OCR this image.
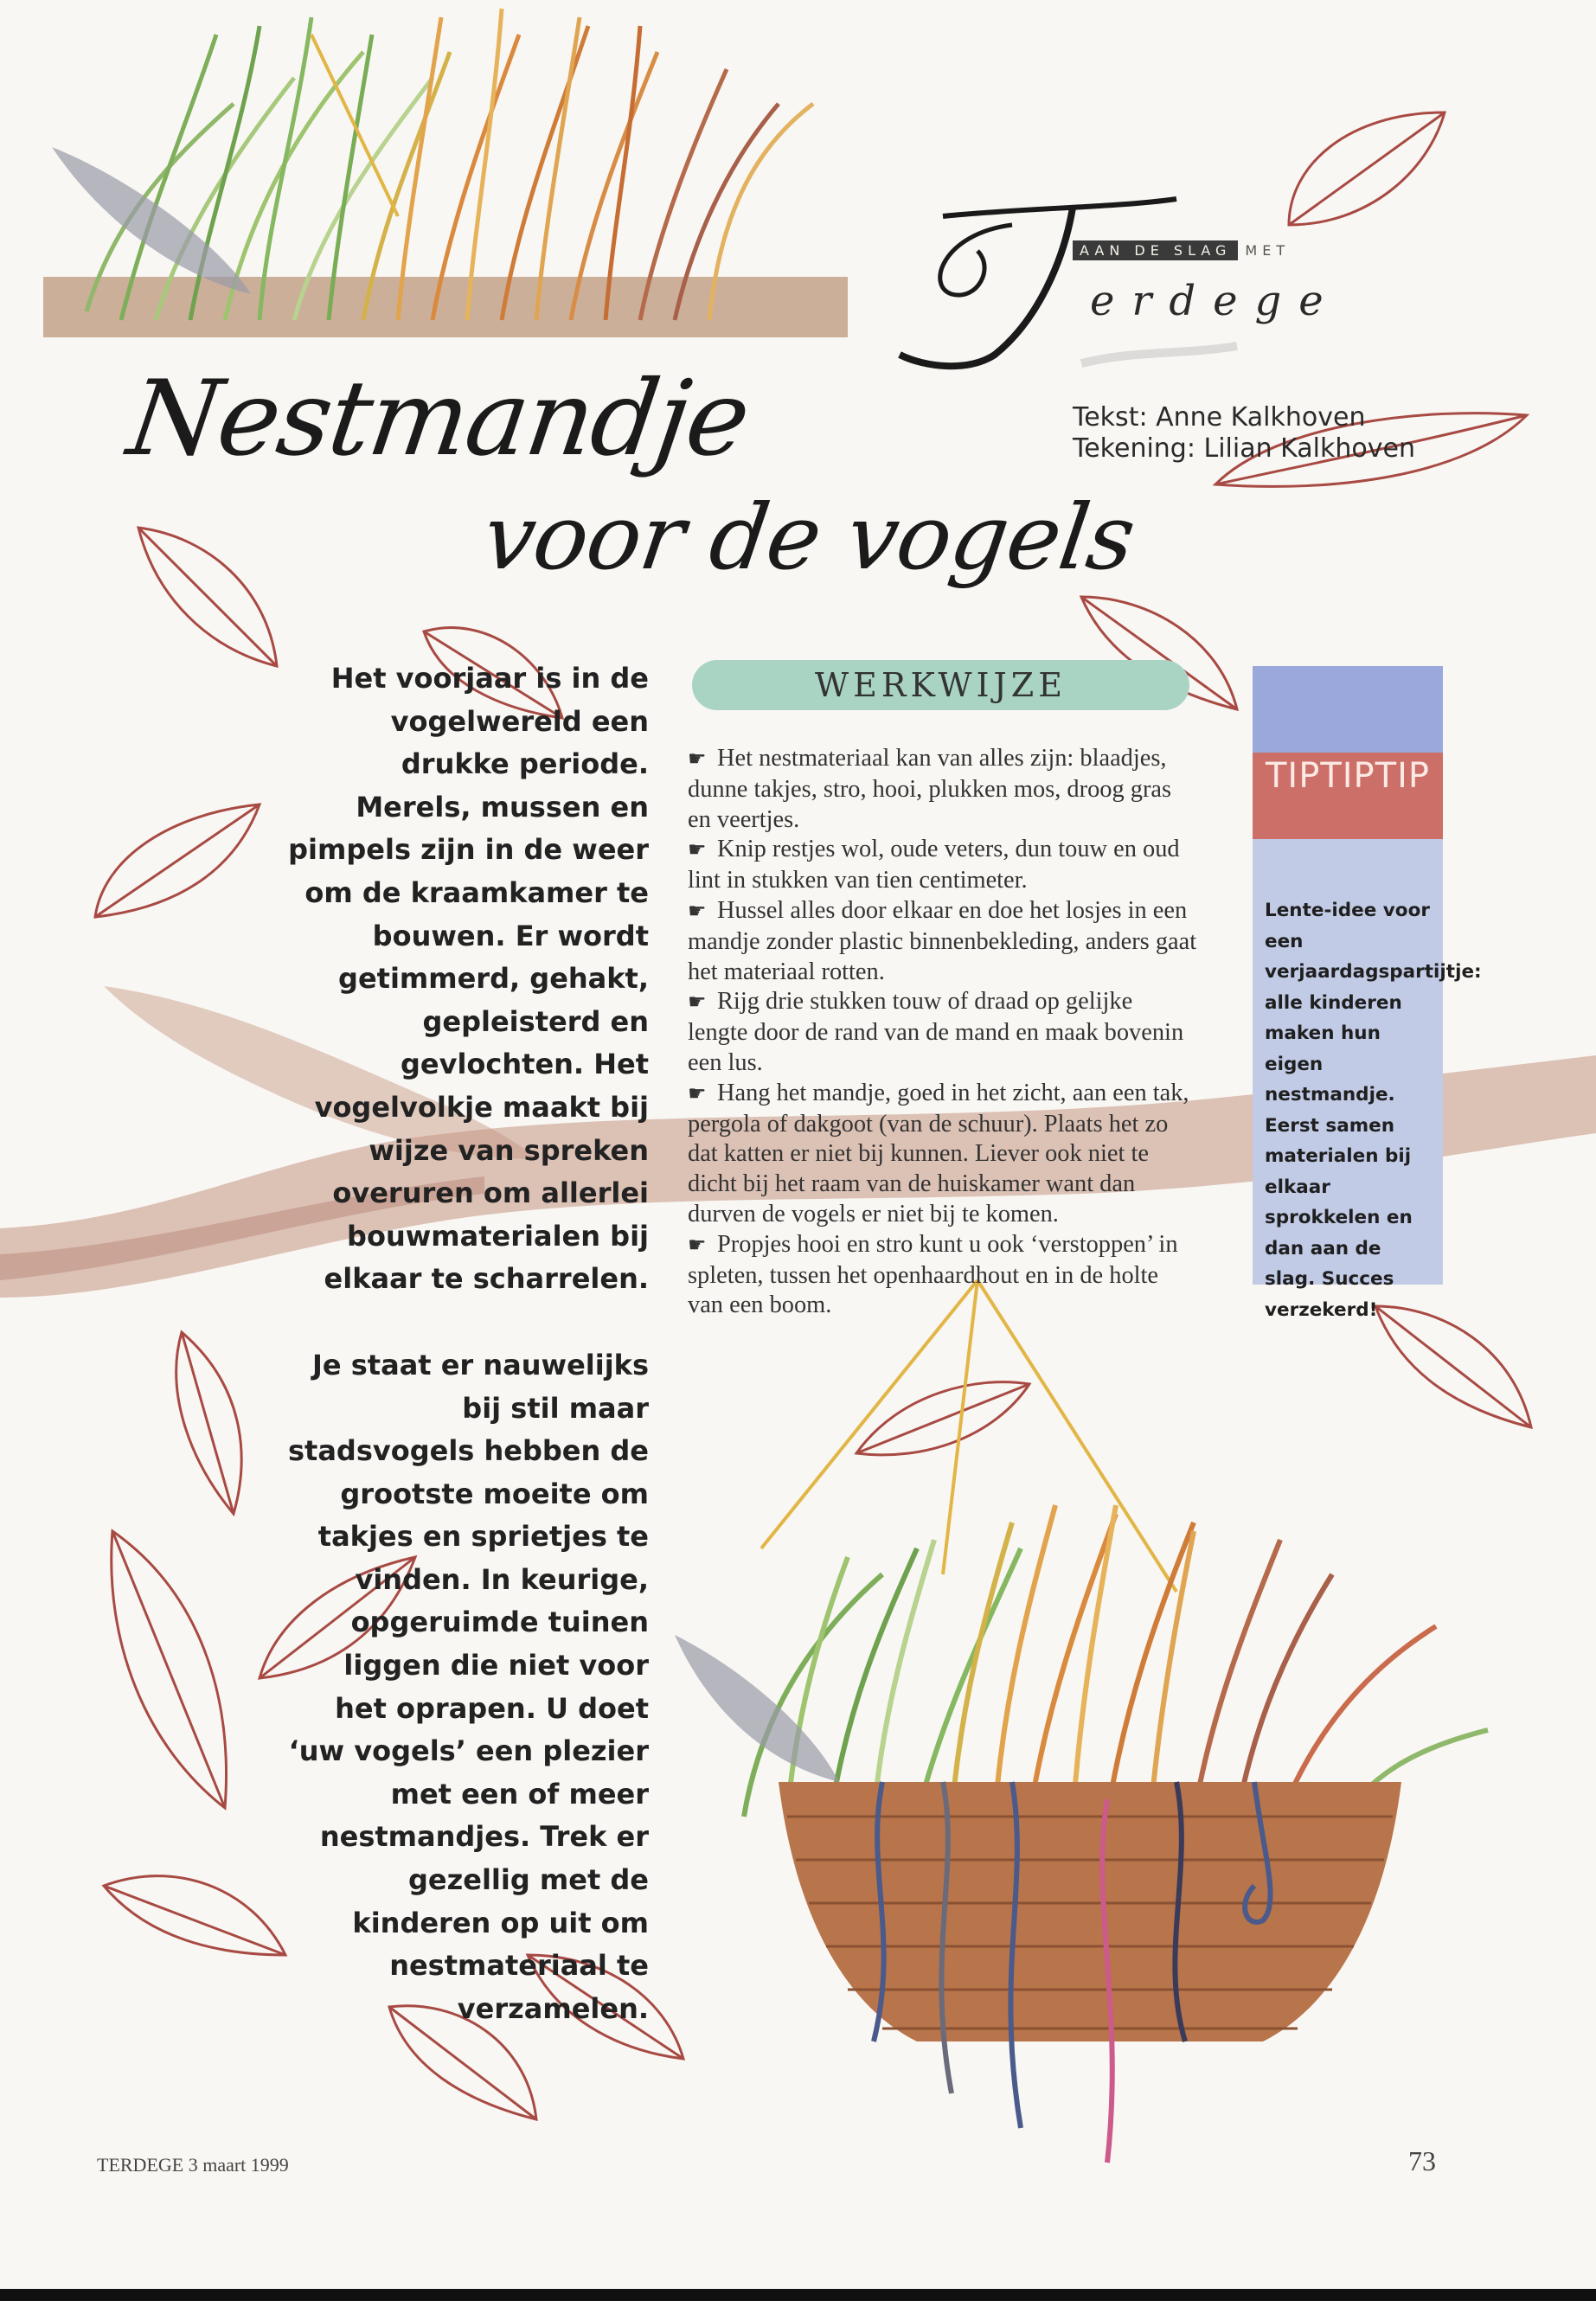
AAN DE SLAG MET
erdege
Nestmandje
voor de vogels
Tekst: Anne Kalkhoven
Tekening: Lilian Kalkhoven

Het voorjaar is in de vogelwereld een drukke periode. Merels, mussen en pimpels zijn in de weer om de kraamkamer te bouwen. Er wordt getimmerd, gehakt, gepleisterd en gevlochten. Het vogelvolkje maakt bij wijze van spreken overuren om allerlei bouwmaterialen bij elkaar te scharrelen.

Je staat er nauwelijks bij stil maar stadsvogels hebben de grootste moeite om takjes en sprietjes te vinden. In keurige, opgeruimde tuinen liggen die niet voor het oprapen. U doet ‘uw vogels’ een plezier met een of meer nestmandjes. Trek er gezellig met de kinderen op uit om nestmateriaal te verzamelen.

WERKWIJZE

☛ Het nestmateriaal kan van alles zijn: blaadjes, dunne takjes, stro, hooi, plukken mos, droog gras en veertjes.

☛ Knip restjes wol, oude veters, dun touw en oud lint in stukken van tien centimeter.

☛ Hussel alles door elkaar en doe het losjes in een mandje zonder plastic binnenbekleding, anders gaat het materiaal rotten.

☛ Rijg drie stukken touw of draad op gelijke lengte door de rand van de mand en maak bovenin een lus.

☛ Hang het mandje, goed in het zicht, aan een tak, pergola of dakgoot (van de schuur). Plaats het zo dat katten er niet bij kunnen. Liever ook niet te dicht bij het raam van de huiskamer want dan durven de vogels er niet bij te komen.

☛ Propjes hooi en stro kunt u ook ‘verstoppen’ in spleten, tussen het openhaardhout en in de holte van een boom.

TIPTIPTIP
Lente-idee voor een verjaardagspartijtje: alle kinderen maken hun eigen nestmandje. Eerst samen materialen bij elkaar sprokkelen en dan aan de slag. Succes verzekerd!
TERDEGE 3 maart 1999	73
